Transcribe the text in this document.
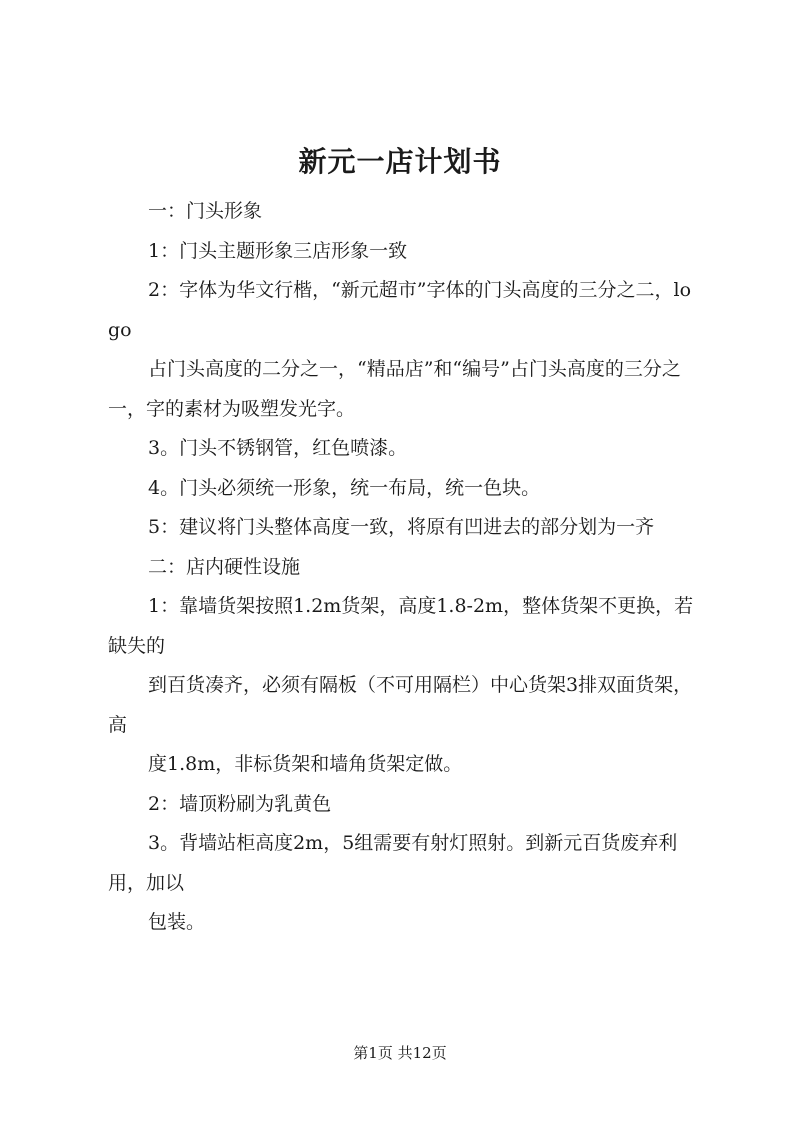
新元一店计划书

一：门头形象

1：门头主题形象三店形象一致

2：字体为华文行楷，“新元超市”字体的门头高度的三分之二，logo

占门头高度的二分之一，“精品店”和“编号”占门头高度的三分之一，字的素材为吸塑发光字。

3。门头不锈钢管，红色喷漆。

4。门头必须统一形象，统一布局，统一色块。

5：建议将门头整体高度一致，将原有凹进去的部分划为一齐

二：店内硬性设施

1：靠墙货架按照1.2m货架，高度1.8-2m，整体货架不更换，若缺失的

到百货凑齐，必须有隔板（不可用隔栏）中心货架3排双面货架，高

度1.8m，非标货架和墙角货架定做。

2：墙顶粉刷为乳黄色

3。背墙站柜高度2m，5组需要有射灯照射。到新元百货废弃利用，加以

包装。

第1页 共12页
